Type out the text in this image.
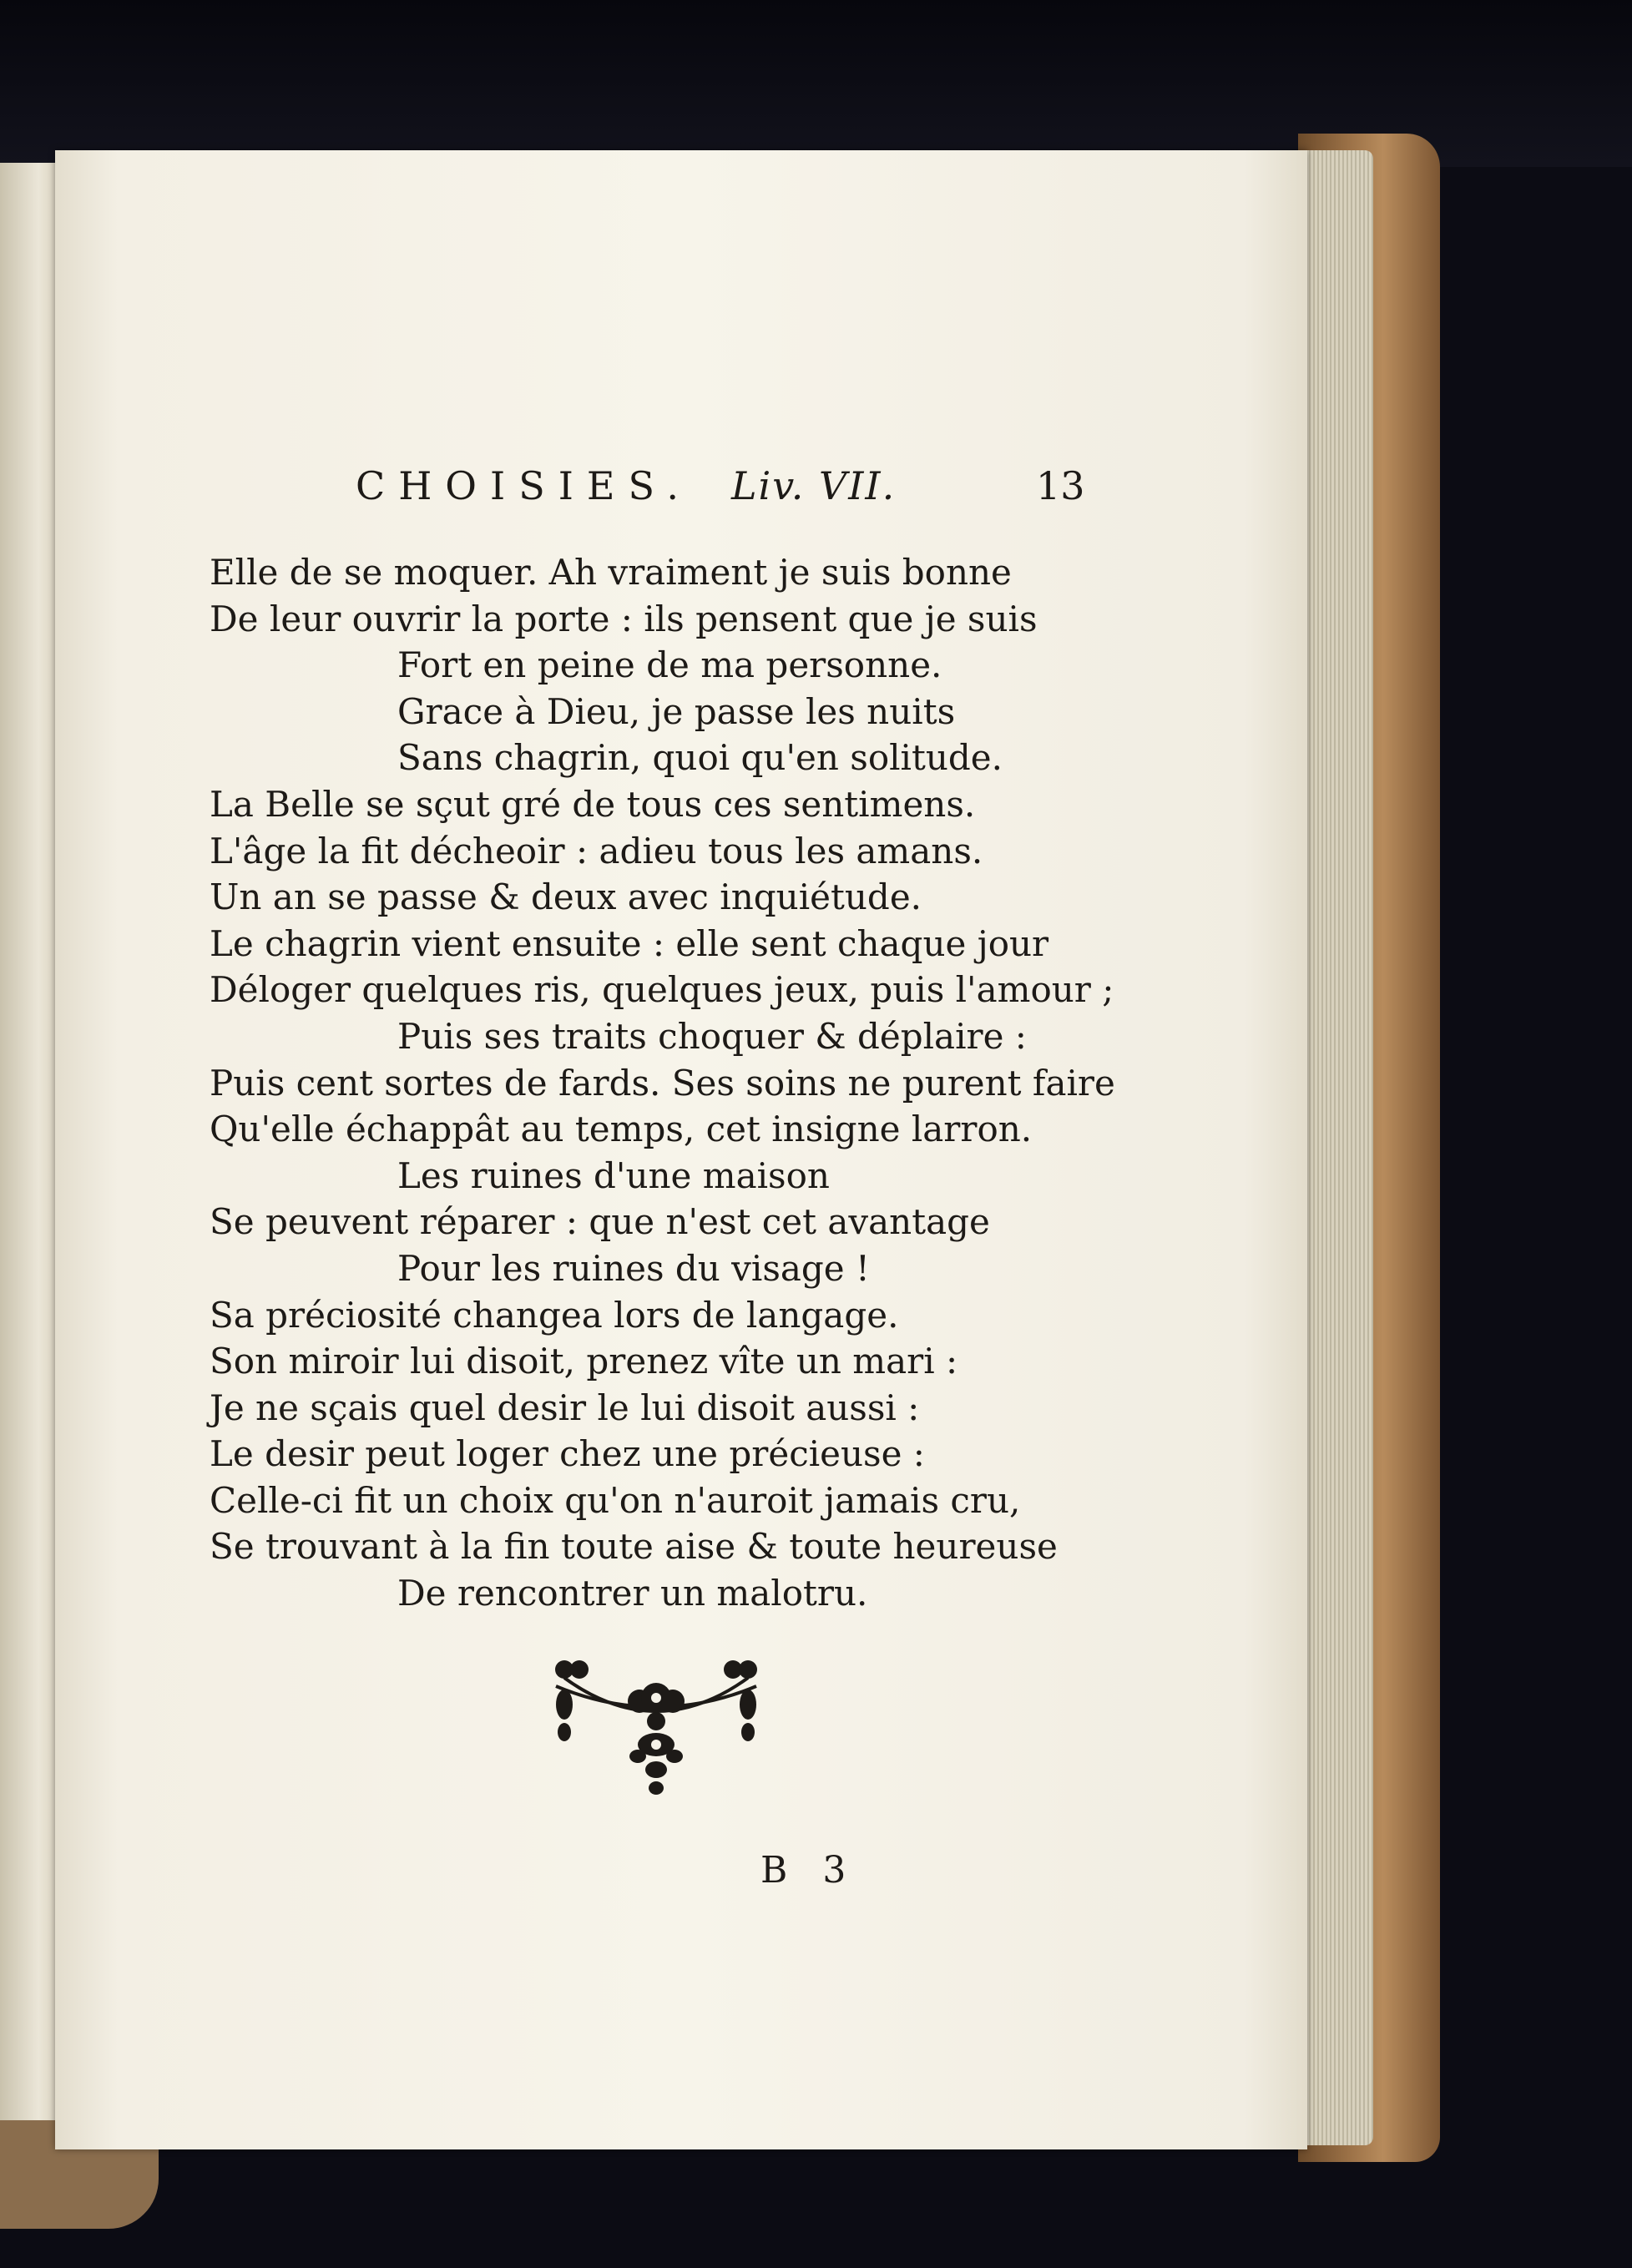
CHOISIES. Liv. VII.	13
Elle de se moquer. Ah vraiment je suis bonne
De leur ouvrir la porte : ils pensent que je suis
Fort en peine de ma personne.
Grace à Dieu, je passe les nuits
Sans chagrin, quoi qu'en solitude.
La Belle se sçut gré de tous ces sentimens.
L'âge la fit décheoir : adieu tous les amans.
Un an se passe & deux avec inquiétude.
Le chagrin vient ensuite : elle sent chaque jour
Déloger quelques ris, quelques jeux, puis l'amour ;
Puis ses traits choquer & déplaire :
Puis cent sortes de fards. Ses soins ne purent faire
Qu'elle échappât au temps, cet insigne larron.
Les ruines d'une maison
Se peuvent réparer : que n'est cet avantage
Pour les ruines du visage !
Sa préciosité changea lors de langage.
Son miroir lui disoit, prenez vîte un mari :
Je ne sçais quel desir le lui disoit aussi :
Le desir peut loger chez une précieuse :
Celle-ci fit un choix qu'on n'auroit jamais cru,
Se trouvant à la fin toute aise & toute heureuse
De rencontrer un malotru.
B 3
